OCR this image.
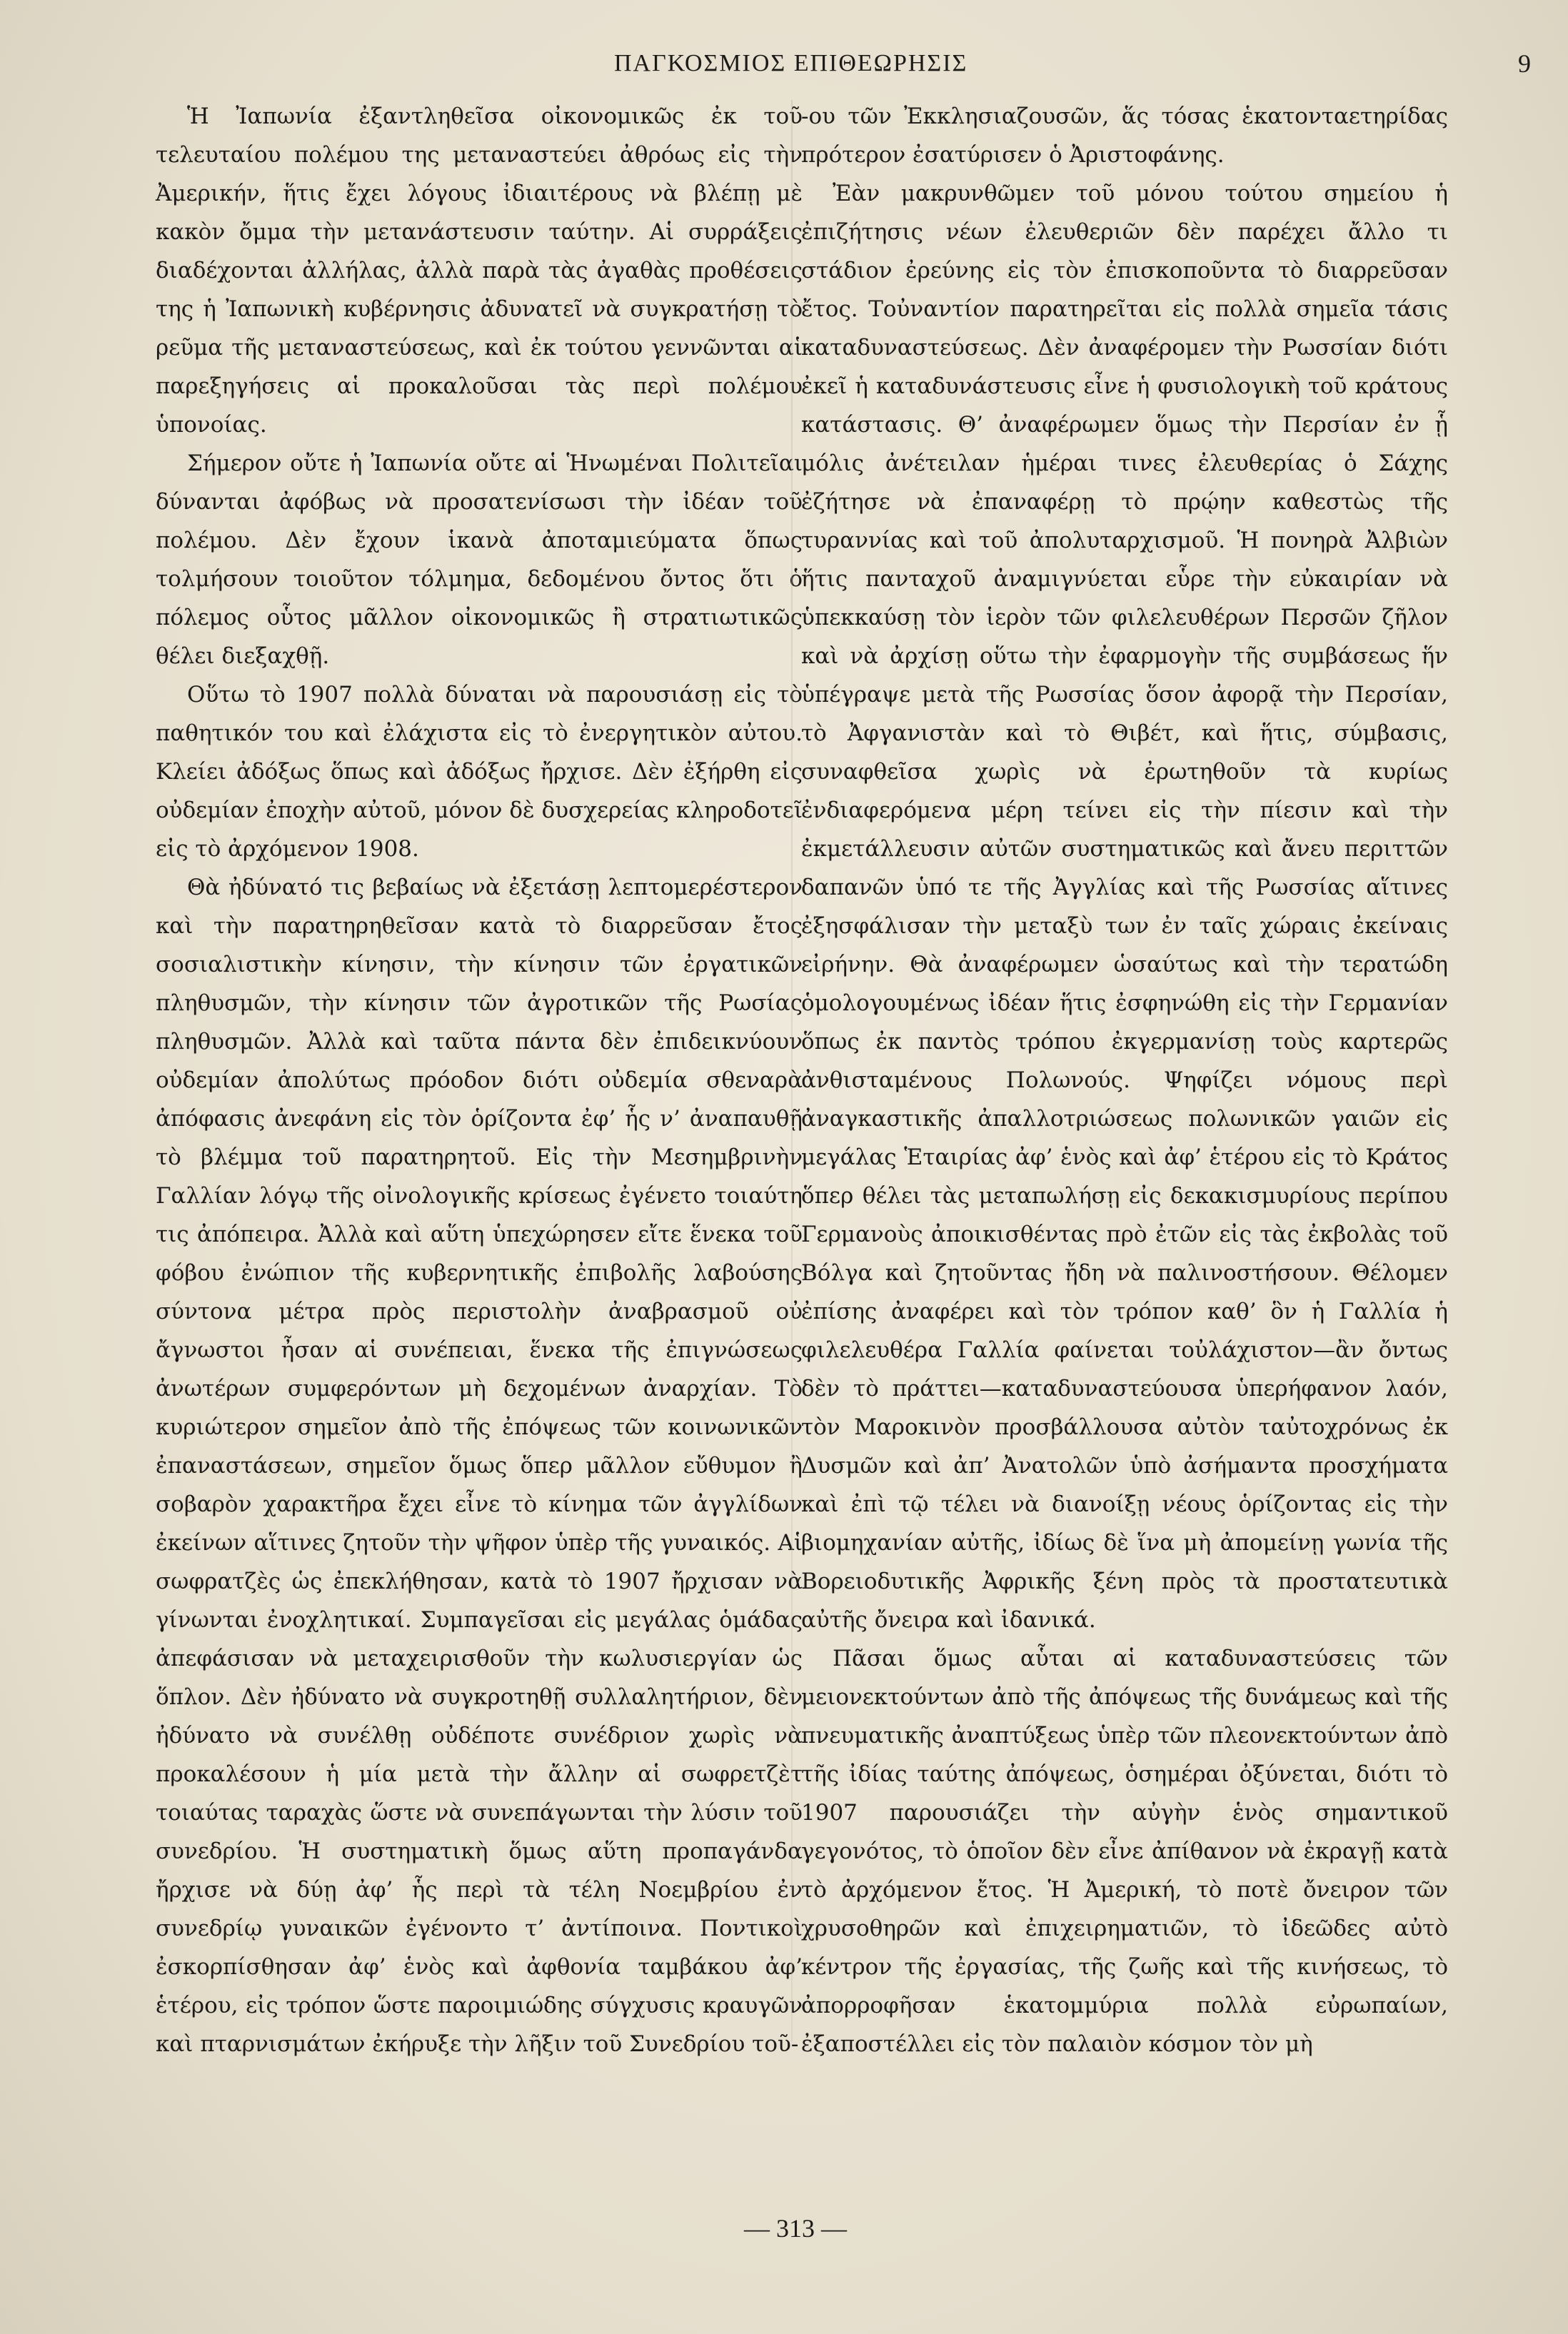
ΠΑΓΚΟΣΜΙΟΣ ΕΠΙΘΕΩΡΗΣΙΣ	9

Ἡ Ἰαπωνία ἐξαντληθεῖσα οἰκονομικῶς ἐκ τοῦ τελευταίου πολέμου της μεταναστεύει ἀθρόως εἰς τὴν Ἀμερικήν, ἥτις ἔχει λόγους ἰδιαιτέρους νὰ βλέπῃ μὲ κακὸν ὄμμα τὴν μετανάστευσιν ταύτην. Αἱ συρράξεις διαδέχονται ἀλλήλας, ἀλλὰ παρὰ τὰς ἀγαθὰς προθέσεις της ἡ Ἰαπωνικὴ κυβέρνησις ἀδυνατεῖ νὰ συγκρατήσῃ τὸ ρεῦμα τῆς μεταναστεύσεως, καὶ ἐκ τούτου γεννῶνται αἱ παρεξηγήσεις αἱ προκαλοῦσαι τὰς περὶ πολέμου ὑπονοίας.

Σήμερον οὔτε ἡ Ἰαπωνία οὔτε αἱ Ἡνωμέναι Πολιτεῖαι δύνανται ἀφόβως νὰ προσατενίσωσι τὴν ἰδέαν τοῦ πολέμου. Δὲν ἔχουν ἱκανὰ ἀποταμιεύματα ὅπως τολμήσουν τοιοῦτον τόλμημα, δεδομένου ὄντος ὅτι ὁ πόλεμος οὗτος μᾶλλον οἰκονομικῶς ἢ στρατιωτικῶς θέλει διεξαχθῇ.

Οὕτω τὸ 1907 πολλὰ δύναται νὰ παρουσιάσῃ εἰς τὸ παθητικόν του καὶ ἐλάχιστα εἰς τὸ ἐνεργητικὸν αὐτου. Κλείει ἀδόξως ὅπως καὶ ἀδόξως ἤρχισε. Δὲν ἐξήρθη εἰς οὐδεμίαν ἐποχὴν αὐτοῦ, μόνον δὲ δυσχερείας κληροδοτεῖ εἰς τὸ ἀρχόμενον 1908.

Θὰ ἠδύνατό τις βεβαίως νὰ ἐξετάσῃ λεπτομερέστερον καὶ τὴν παρατηρηθεῖσαν κατὰ τὸ διαρρεῦσαν ἔτος σοσιαλιστικὴν κίνησιν, τὴν κίνησιν τῶν ἐργατικῶν πληθυσμῶν, τὴν κίνησιν τῶν ἀγροτικῶν τῆς Ρωσίας πληθυσμῶν. Ἀλλὰ καὶ ταῦτα πάντα δὲν ἐπιδεικνύουν οὐδεμίαν ἀπολύτως πρόοδον διότι οὐδεμία σθεναρὰ ἀπόφασις ἀνεφάνη εἰς τὸν ὁρίζοντα ἐφ’ ἧς ν’ ἀναπαυθῇ τὸ βλέμμα τοῦ παρατηρητοῦ. Εἰς τὴν Μεσημβρινὴν Γαλλίαν λόγῳ τῆς οἰνολογικῆς κρίσεως ἐγένετο τοιαύτη τις ἀπόπειρα. Ἀλλὰ καὶ αὕτη ὑπεχώρησεν εἴτε ἕνεκα τοῦ φόβου ἐνώπιον τῆς κυβερνητικῆς ἐπιβολῆς λαβούσης σύντονα μέτρα πρὸς περιστολὴν ἀναβρασμοῦ οὐ ἄγνωστοι ἦσαν αἱ συνέπειαι, ἕνεκα τῆς ἐπιγνώσεως ἀνωτέρων συμφερόντων μὴ δεχομένων ἀναρχίαν. Τὸ κυριώτερον σημεῖον ἀπὸ τῆς ἐπόψεως τῶν κοινωνικῶν ἐπαναστάσεων, σημεῖον ὅμως ὅπερ μᾶλλον εὔθυμον ἢ σοβαρὸν χαρακτῆρα ἔχει εἶνε τὸ κίνημα τῶν ἀγγλίδων ἐκείνων αἵτινες ζητοῦν τὴν ψῆφον ὑπὲρ τῆς γυναικός. Αἱ σωφρατζὲς ὡς ἐπεκλήθησαν, κατὰ τὸ 1907 ἤρχισαν νὰ γίνωνται ἐνοχλητικαί. Συμπαγεῖσαι εἰς μεγάλας ὁμάδας ἀπεφάσισαν νὰ μεταχειρισθοῦν τὴν κωλυσιεργίαν ὡς ὅπλον. Δὲν ἠδύνατο νὰ συγκροτηθῇ συλλαλητήριον, δὲν ἠδύνατο νὰ συνέλθῃ οὐδέποτε συνέδριον χωρὶς νὰ προκαλέσουν ἡ μία μετὰ τὴν ἄλλην αἱ σωφρετζὲτ τοιαύτας ταραχὰς ὥστε νὰ συνεπάγωνται τὴν λύσιν τοῦ συνεδρίου. Ἡ συστηματικὴ ὅμως αὕτη προπαγάνδα ἤρχισε νὰ δύῃ ἀφ’ ἧς περὶ τὰ τέλη Νοεμβρίου ἐν συνεδρίῳ γυναικῶν ἐγένοντο τ’ ἀντίποινα. Ποντικοὶ ἐσκορπίσθησαν ἀφ’ ἑνὸς καὶ ἀφθονία ταμβάκου ἀφ’ ἑτέρου, εἰς τρόπον ὥστε παροιμιώδης σύγχυσις κραυγῶν καὶ πταρνισμάτων ἐκήρυξε τὴν λῆξιν τοῦ Συνεδρίου τοῦ-

-ου τῶν Ἐκκλησιαζουσῶν, ἅς τόσας ἑκατονταετηρίδας πρότερον ἐσατύρισεν ὁ Ἀριστοφάνης.

Ἐὰν μακρυνθῶμεν τοῦ μόνου τούτου σημείου ἡ ἐπιζήτησις νέων ἐλευθεριῶν δὲν παρέχει ἄλλο τι στάδιον ἐρεύνης εἰς τὸν ἐπισκοποῦντα τὸ διαρρεῦσαν ἔτος. Τοὐναντίον παρατηρεῖται εἰς πολλὰ σημεῖα τάσις καταδυναστεύσεως. Δὲν ἀναφέρομεν τὴν Ρωσσίαν διότι ἐκεῖ ἡ καταδυνάστευσις εἶνε ἡ φυσιολογικὴ τοῦ κράτους κατάστασις. Θ’ ἀναφέρωμεν ὅμως τὴν Περσίαν ἐν ᾗ μόλις ἀνέτειλαν ἡμέραι τινες ἐλευθερίας ὁ Σάχης ἐζήτησε νὰ ἐπαναφέρῃ τὸ πρῴην καθεστὼς τῆς τυραννίας καὶ τοῦ ἀπολυταρχισμοῦ. Ἡ πονηρὰ Ἀλβιὼν ἥτις πανταχοῦ ἀναμιγνύεται εὗρε τὴν εὐκαιρίαν νὰ ὑπεκκαύσῃ τὸν ἱερὸν τῶν φιλελευθέρων Περσῶν ζῆλον καὶ νὰ ἀρχίσῃ οὕτω τὴν ἐφαρμογὴν τῆς συμβάσεως ἥν ὑπέγραψε μετὰ τῆς Ρωσσίας ὅσον ἀφορᾷ τὴν Περσίαν, τὸ Ἀφγανιστὰν καὶ τὸ Θιβέτ, καὶ ἥτις, σύμβασις, συναφθεῖσα χωρὶς νὰ ἐρωτηθοῦν τὰ κυρίως ἐνδιαφερόμενα μέρη τείνει εἰς τὴν πίεσιν καὶ τὴν ἐκμετάλλευσιν αὐτῶν συστηματικῶς καὶ ἄνευ περιττῶν δαπανῶν ὑπό τε τῆς Ἀγγλίας καὶ τῆς Ρωσσίας αἵτινες ἐξησφάλισαν τὴν μεταξὺ των ἐν ταῖς χώραις ἐκείναις εἰρήνην. Θὰ ἀναφέρωμεν ὡσαύτως καὶ τὴν τερατώδη ὁμολογουμένως ἰδέαν ἥτις ἐσφηνώθη εἰς τὴν Γερμανίαν ὅπως ἐκ παντὸς τρόπου ἐκγερμανίσῃ τοὺς καρτερῶς ἀνθισταμένους Πολωνούς. Ψηφίζει νόμους περὶ ἀναγκαστικῆς ἀπαλλοτριώσεως πολωνικῶν γαιῶν εἰς μεγάλας Ἑταιρίας ἀφ’ ἑνὸς καὶ ἀφ’ ἑτέρου εἰς τὸ Κράτος ὅπερ θέλει τὰς μεταπωλήσῃ εἰς δεκακισμυρίους περίπου Γερμανοὺς ἀποικισθέντας πρὸ ἐτῶν εἰς τὰς ἐκβολὰς τοῦ Βόλγα καὶ ζητοῦντας ἤδη νὰ παλινοστήσουν. Θέλομεν ἐπίσης ἀναφέρει καὶ τὸν τρόπον καθ’ ὃν ἡ Γαλλία ἡ φιλελευθέρα Γαλλία φαίνεται τοὐλάχιστον—ἂν ὄντως δὲν τὸ πράττει—καταδυναστεύουσα ὑπερήφανον λαόν, τὸν Μαροκινὸν προσβάλλουσα αὐτὸν ταὐτοχρόνως ἐκ Δυσμῶν καὶ ἀπ’ Ἀνατολῶν ὑπὸ ἀσήμαντα προσχήματα καὶ ἐπὶ τῷ τέλει νὰ διανοίξῃ νέους ὁρίζοντας εἰς τὴν βιομηχανίαν αὐτῆς, ἰδίως δὲ ἵνα μὴ ἀπομείνῃ γωνία τῆς Βορειοδυτικῆς Ἀφρικῆς ξένη πρὸς τὰ προστατευτικὰ αὐτῆς ὄνειρα καὶ ἰδανικά.

Πᾶσαι ὅμως αὗται αἱ καταδυναστεύσεις τῶν μειονεκτούντων ἀπὸ τῆς ἀπόψεως τῆς δυνάμεως καὶ τῆς πνευματικῆς ἀναπτύξεως ὑπὲρ τῶν πλεονεκτούντων ἀπὸ τῆς ἰδίας ταύτης ἀπόψεως, ὁσημέραι ὀξύνεται, διότι τὸ 1907 παρουσιάζει τὴν αὐγὴν ἑνὸς σημαντικοῦ γεγονότος, τὸ ὁποῖον δὲν εἶνε ἀπίθανον νὰ ἐκραγῇ κατὰ τὸ ἀρχόμενον ἔτος. Ἡ Ἀμερική, τὸ ποτὲ ὄνειρον τῶν χρυσοθηρῶν καὶ ἐπιχειρηματιῶν, τὸ ἰδεῶδες αὐτὸ κέντρον τῆς ἐργασίας, τῆς ζωῆς καὶ τῆς κινήσεως, τὸ ἀπορροφῆσαν ἑκατομμύρια πολλὰ εὐρωπαίων, ἐξαποστέλλει εἰς τὸν παλαιὸν κόσμον τὸν μὴ

— 313 —
